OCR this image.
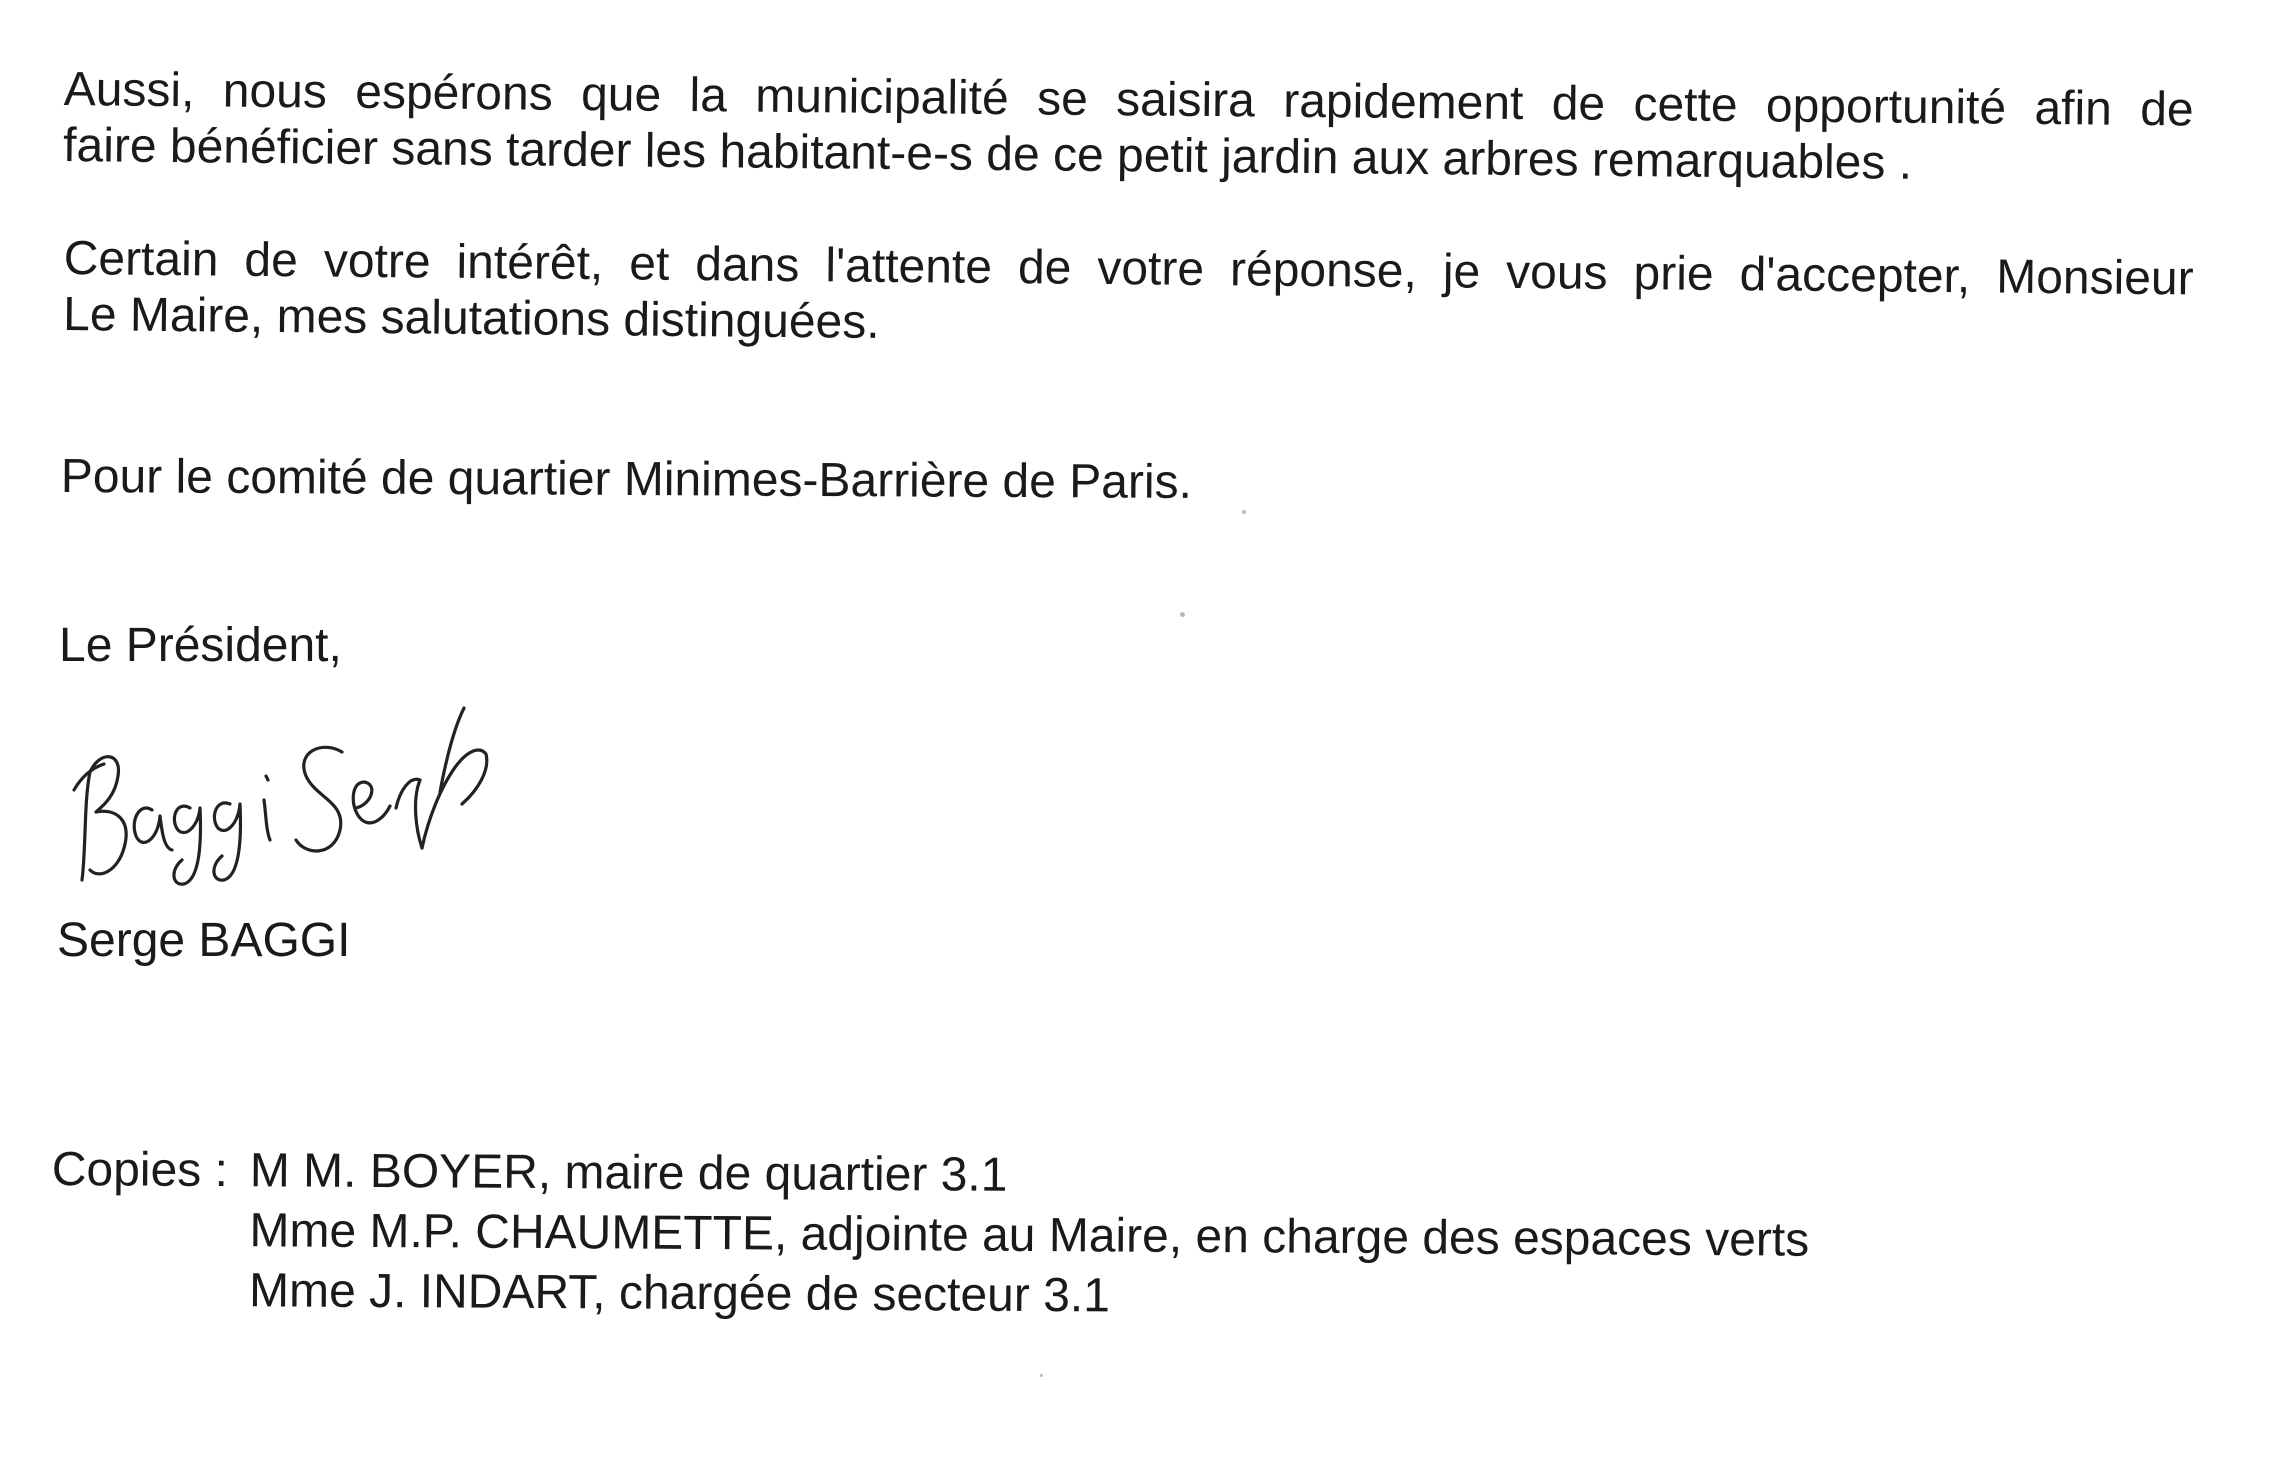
Aussi, nous espérons que la municipalité se saisira rapidement de cette opportunité afin de
faire bénéficier sans tarder les habitant-e-s de ce petit jardin aux arbres remarquables .

Certain de votre intérêt, et dans l'attente de votre réponse, je vous prie d'accepter, Monsieur
Le Maire, mes salutations distinguées.

Pour le comité de quartier Minimes-Barrière de Paris.

Le Président,

Serge BAGGI

Copies : M M. BOYER, maire de quartier 3.1
Mme M.P. CHAUMETTE, adjointe au Maire, en charge des espaces verts
Mme J. INDART, chargée de secteur 3.1
